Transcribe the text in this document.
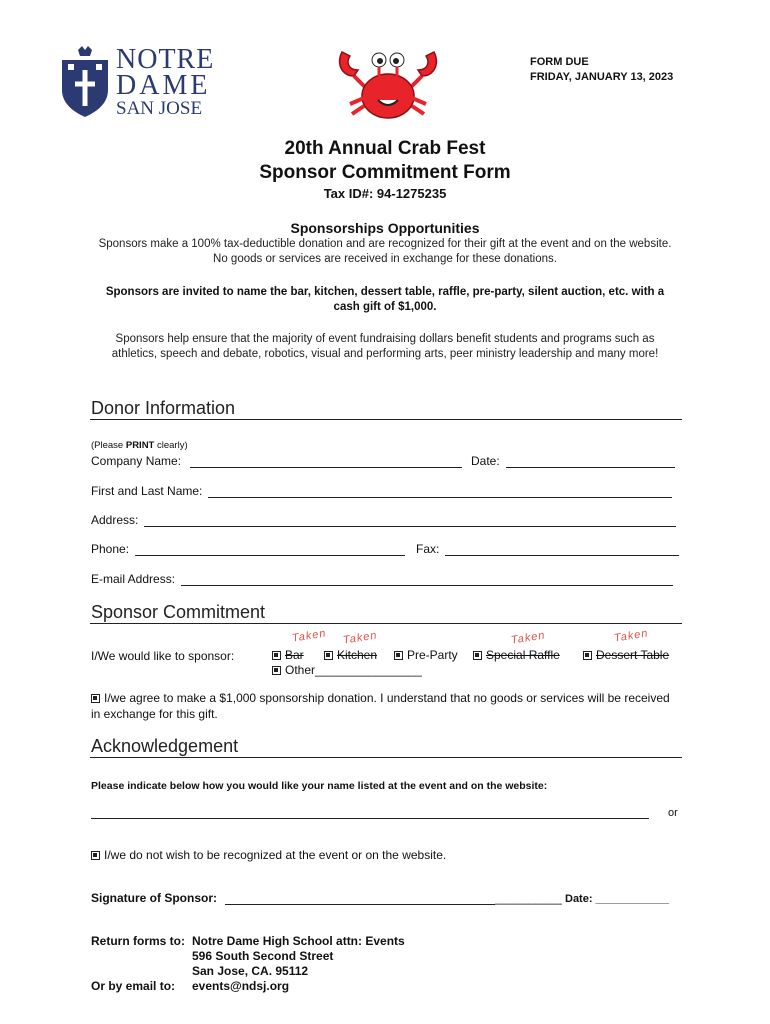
NOTRE
DAME
SAN JOSE
FORM DUE
FRIDAY, JANUARY 13, 2023
20th Annual Crab Fest
Sponsor Commitment Form
Tax ID#: 94-1275235
Sponsorships Opportunities
Sponsors make a 100% tax-deductible donation and are recognized for their gift at the event and on the website. No goods or services are received in exchange for these donations.
Sponsors are invited to name the bar, kitchen, dessert table, raffle, pre-party, silent auction, etc. with a cash gift of $1,000.
Sponsors help ensure that the majority of event fundraising dollars benefit students and programs such as athletics, speech and debate, robotics, visual and performing arts, peer ministry leadership and many more!
Donor Information
(Please PRINT clearly)
Company Name:	Date:
First and Last Name:
Address:
Phone:	Fax:
E-mail Address:
Sponsor Commitment
Taken Taken	Taken	Taken
I/We would like to sponsor:	Bar	Kitchen	Pre-Party	Special Raffle	Dessert Table
Other________________
I/we agree to make a $1,000 sponsorship donation. I understand that no goods or services will be received in exchange for this gift.
Acknowledgement
Please indicate below how you would like your name listed at the event and on the website:
or
I/we do not wish to be recognized at the event or on the website.
Signature of Sponsor:	__________ Date: ____________
Return forms to: Notre Dame High School attn: Events
596 South Second Street
San Jose, CA. 95112
Or by email to:	events@ndsj.org
